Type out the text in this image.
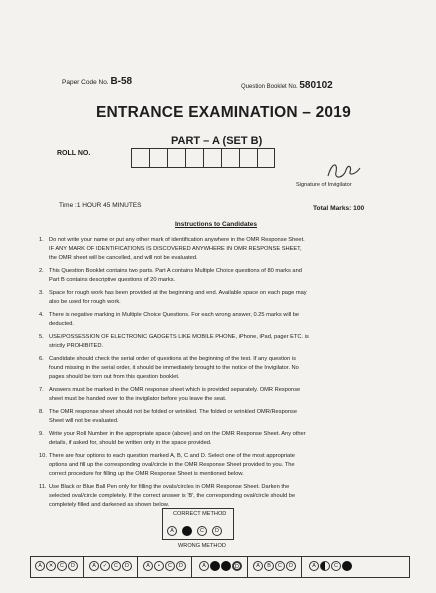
Paper Code No. B-58	Question Booklet No. 580102
ENTRANCE EXAMINATION – 2019
PART – A (SET B)
ROLL NO.
Signature of Invigilator
Time :1 HOUR 45 MINUTES	Total Marks: 100
Instructions to Candidates
1. Do not write your name or put any other mark of identification anywhere in the OMR Response Sheet.

IF ANY MARK OF IDENTIFICATIONS IS DISCOVERED ANYWHERE IN OMR RESPONSE SHEET,

the OMR sheet will be cancelled, and will not be evaluated.

2. This Question Booklet contains two parts. Part A contains Multiple Choice questions of 80 marks and

Part B contains descriptive questions of 20 marks.

3. Space for rough work has been provided at the beginning and end. Available space on each page may

also be used for rough work.

4. There is negative marking in Multiple Choice Questions. For each wrong answer, 0.25 marks will be

deducted.

5. USE/POSSESSION OF ELECTRONIC GADGETS LIKE MOBILE PHONE, iPhone, iPad, pager ETC. is

strictly PROHIBITED.

6. Candidate should check the serial order of questions at the beginning of the test. If any question is

found missing in the serial order, it should be immediately brought to the notice of the Invigilator. No

pages should be torn out from this question booklet.

7. Answers must be marked in the OMR response sheet which is provided separately. OMR Response

sheet must be handed over to the invigilator before you leave the seat.

8. The OMR response sheet should not be folded or wrinkled. The folded or wrinkled OMR/Response

Sheet will not be evaluated.

9. Write your Roll Number in the appropriate space (above) and on the OMR Response Sheet. Any other

details, if asked for, should be written only in the space provided.

10. There are four options to each question marked A, B, C and D. Select one of the most appropriate

options and fill up the corresponding oval/circle in the OMR Response Sheet provided to you. The

correct procedure for filling up the OMR Response Sheet is mentioned below.

11. Use Black or Blue Ball Pen only for filling the ovals/circles in OMR Response Sheet. Darken the

selected oval/circle completely. If the correct answer is 'B', the corresponding oval/circle should be

completely filled and darkened as shown below.

CORRECT METHOD
A	C	D
WRONG METHOD
A	✕	C	D	A	✓	C	D	A	•	C	D	A	D	A	B	C	D	A	C
